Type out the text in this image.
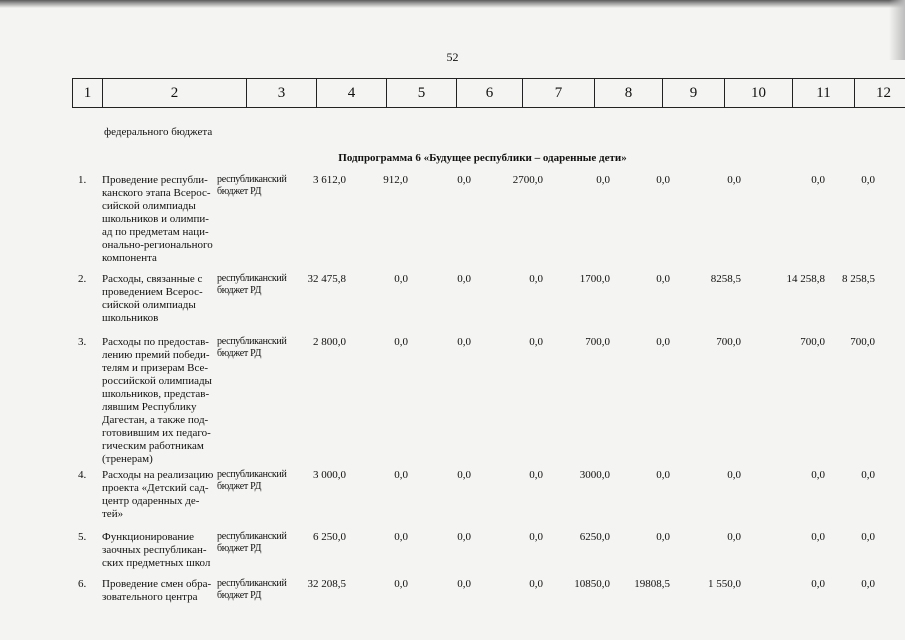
52
1	2	3	4	5	6	7	8	9	10	11	12
федерального бюджета
Подпрограмма 6 «Будущее республики – одаренные дети»
1.	Проведение республи-
канского этапа Всерос-
сийской олимпиады
школьников и олимпи-
ад по предметам наци-
онально-регионального
компонента
республиканский
бюджет РД
3 612,0	912,0	0,0	2700,0	0,0	0,0	0,0	0,0	0,0
2.	Расходы, связанные с
проведением Всерос-
сийской олимпиады
школьников
республиканский
бюджет РД
32 475,8	0,0	0,0	0,0	1700,0	0,0	8258,5	14 258,8	8 258,5
3.	Расходы по предостав-
лению премий победи-
телям и призерам Все-
российской олимпиады
школьников, представ-
лявшим Республику
Дагестан, а также под-
готовившим их педаго-
гическим работникам
(тренерам)
республиканский
бюджет РД
2 800,0	0,0	0,0	0,0	700,0	0,0	700,0	700,0	700,0
4.	Расходы на реализацию
проекта «Детский сад-
центр одаренных де-
тей»
республиканский
бюджет РД
3 000,0	0,0	0,0	0,0	3000,0	0,0	0,0	0,0	0,0
5.	Функционирование
заочных республикан-
ских предметных школ
республиканский
бюджет РД
6 250,0	0,0	0,0	0,0	6250,0	0,0	0,0	0,0	0,0
6.	Проведение смен обра-
зовательного центра
республиканский
бюджет РД
32 208,5	0,0	0,0	0,0	10850,0	19808,5	1 550,0	0,0	0,0
